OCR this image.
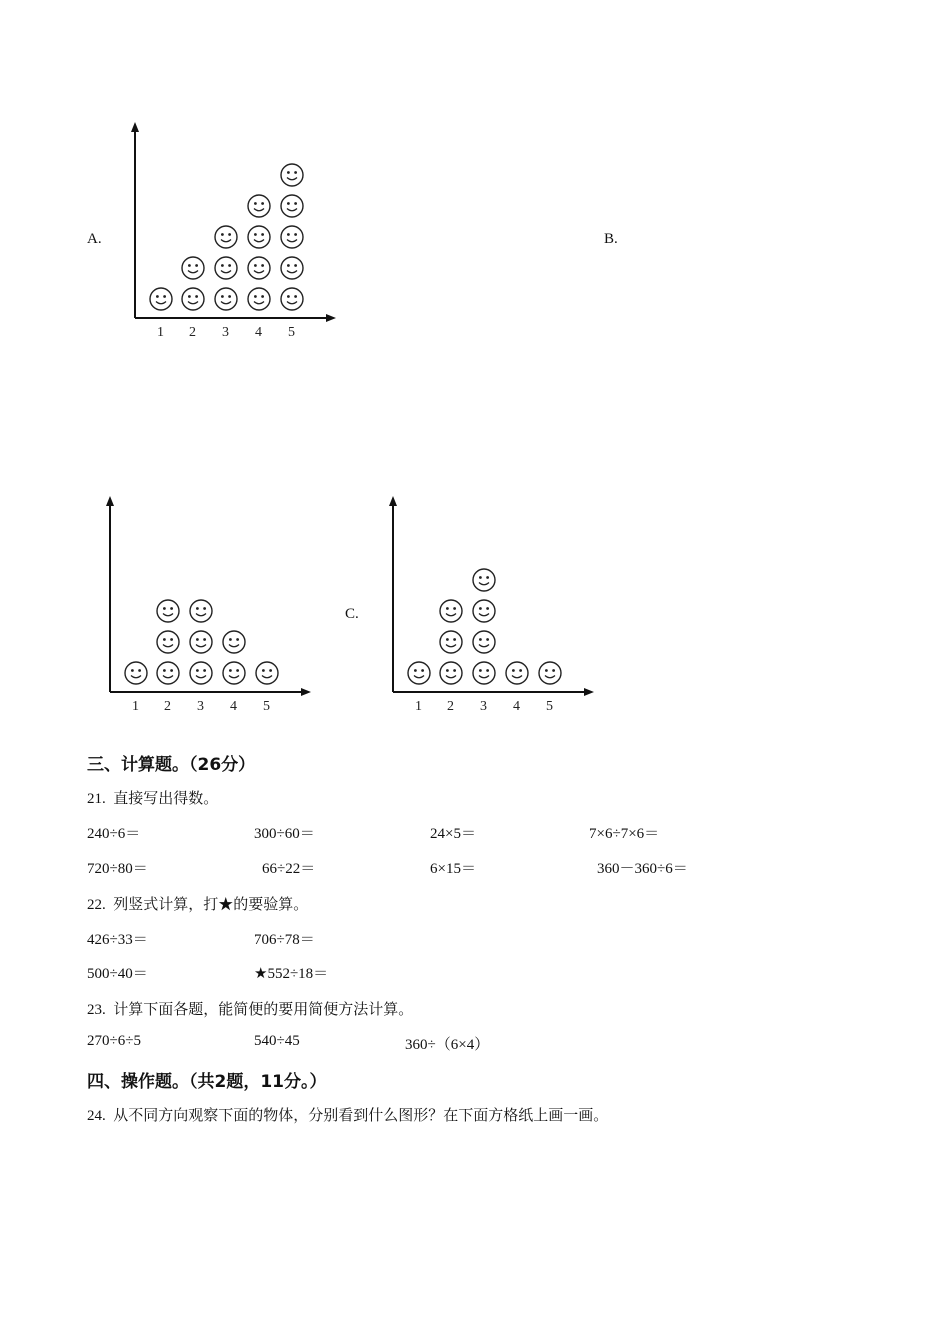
A.	B.
C.
1 2 3 4 5
1 2 3 4 5	1 2 3 4 5
三、计算题。（26分）
21. 直接写出得数。
240÷6＝	300÷60＝	24×5＝	7×6÷7×6＝
720÷80＝	66÷22＝	6×15＝	360－360÷6＝
22. 列竖式计算，打★的要验算。
426÷33＝	706÷78＝
500÷40＝	★552÷18＝
23. 计算下面各题，能简便的要用简便方法计算。
270÷6÷5	540÷45	360÷（6×4）
四、操作题。（共2题，11分。）
24. 从不同方向观察下面的物体，分别看到什么图形？在下面方格纸上画一画。
